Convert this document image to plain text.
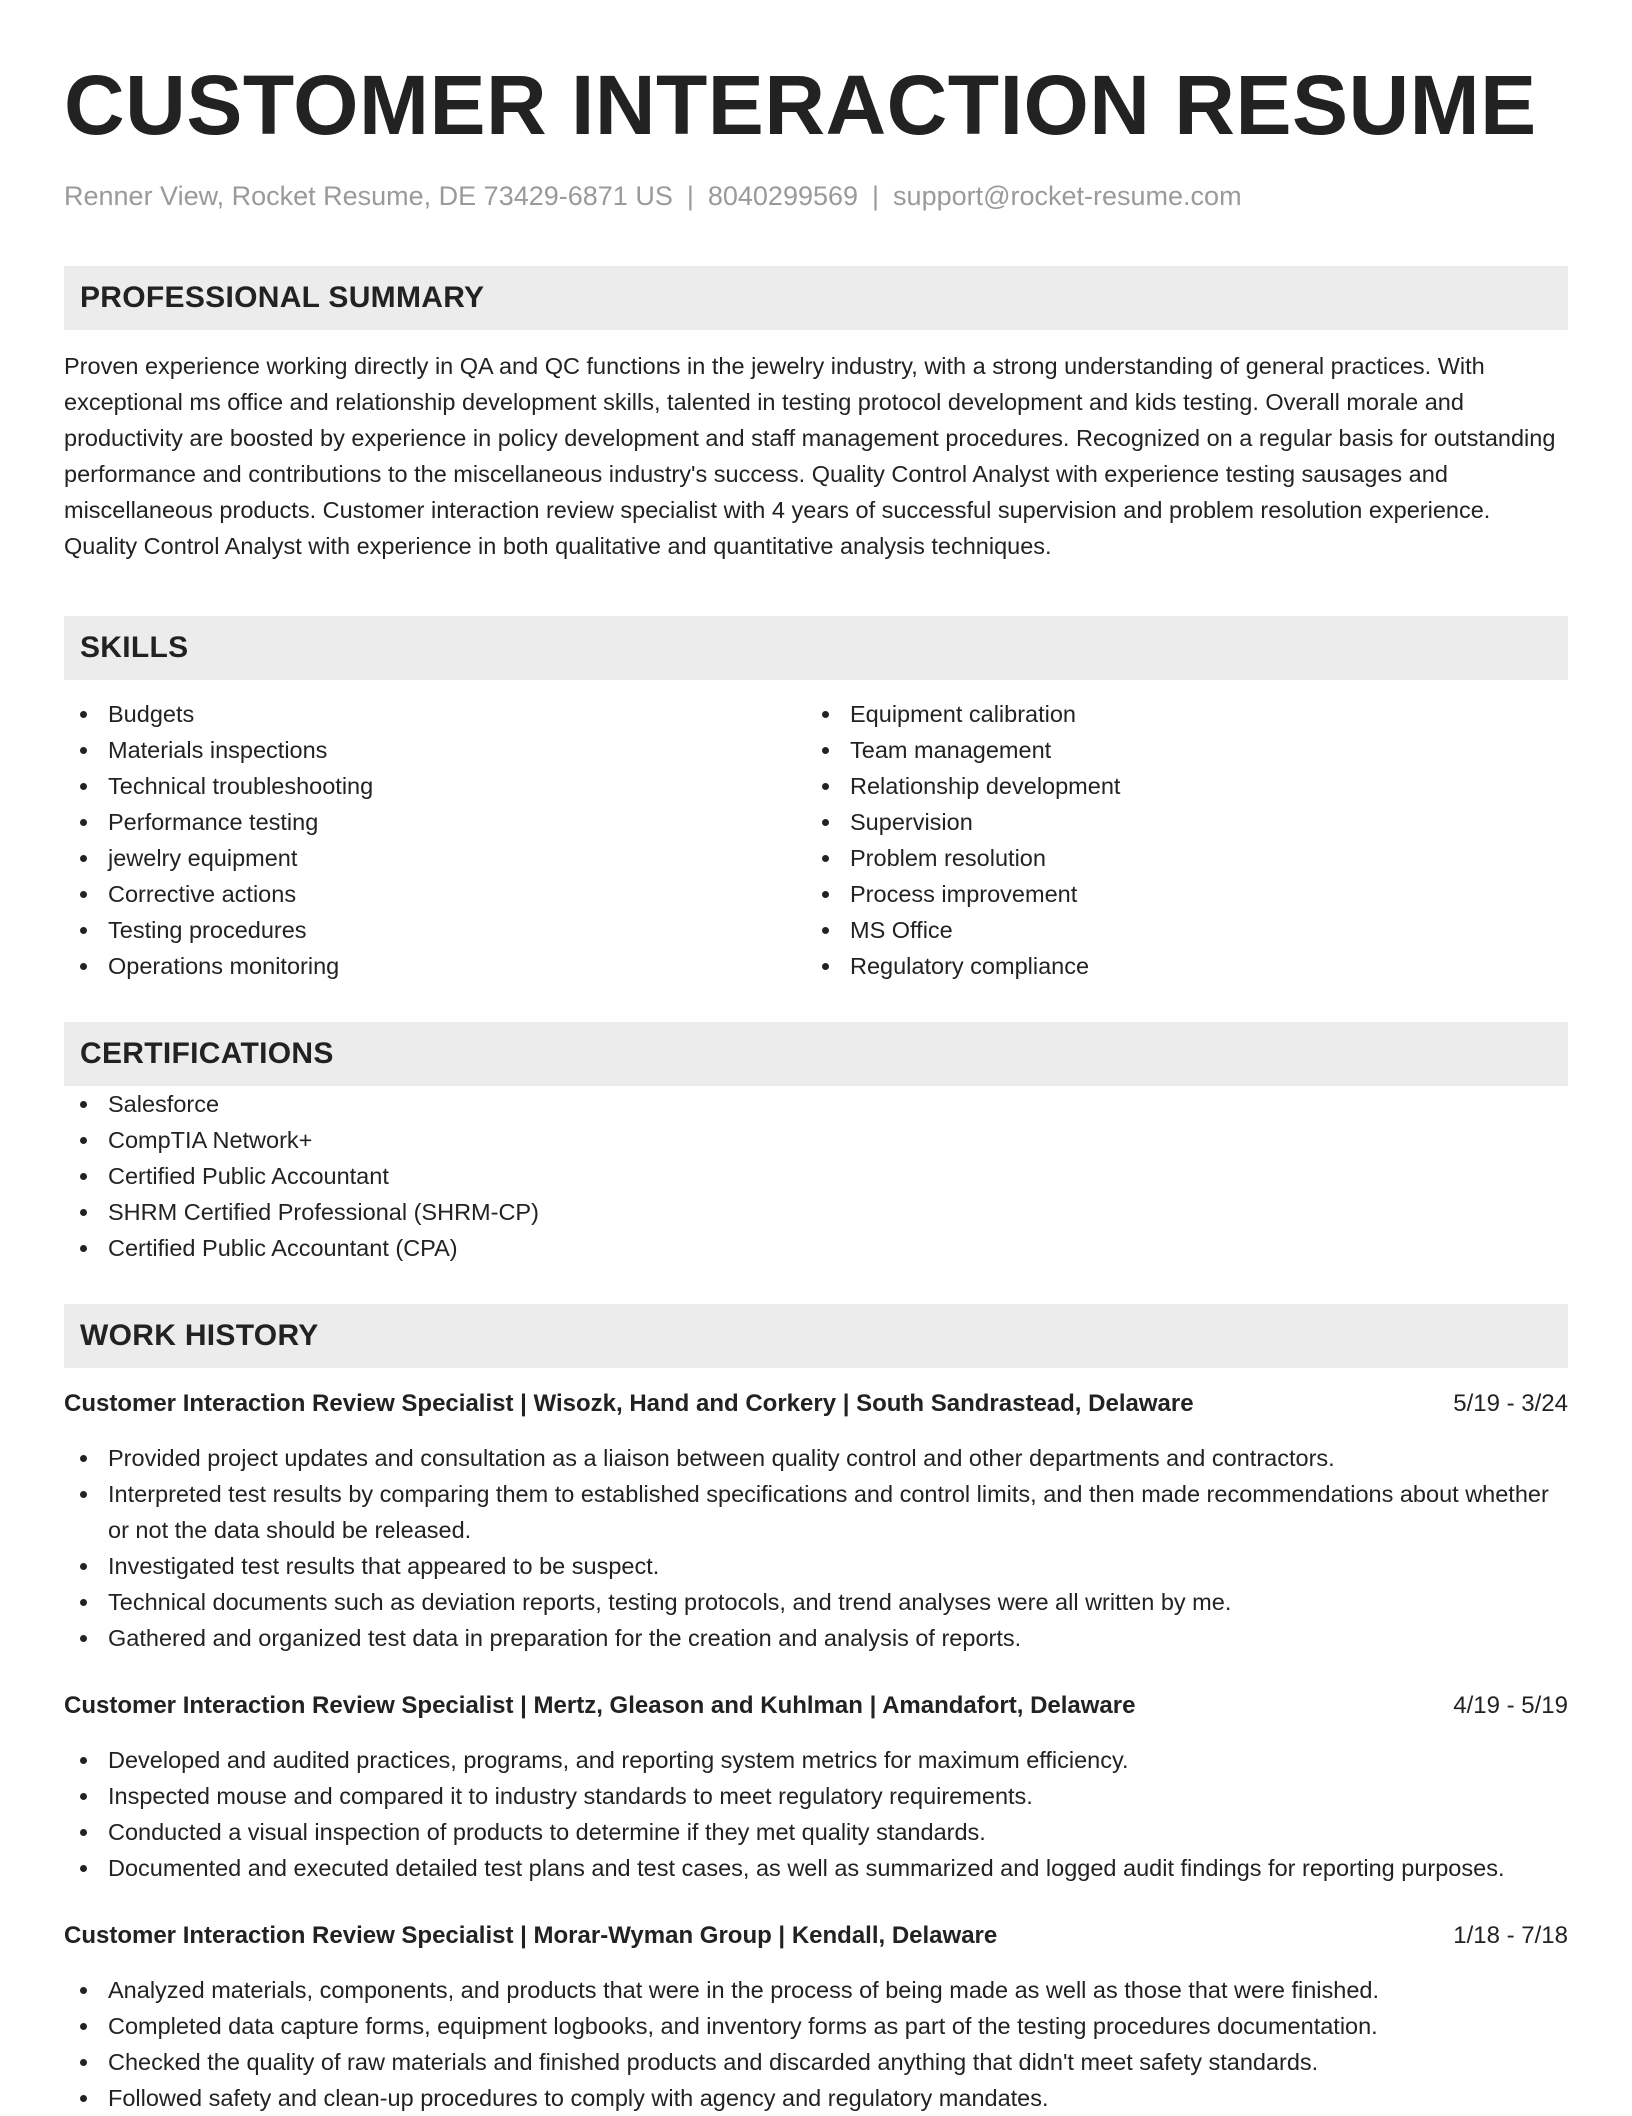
CUSTOMER INTERACTION RESUME
Renner View, Rocket Resume, DE 73429-6871 US | 8040299569 | support@rocket-resume.com
PROFESSIONAL SUMMARY
Proven experience working directly in QA and QC functions in the jewelry industry, with a strong understanding of general practices. With exceptional ms office and relationship development skills, talented in testing protocol development and kids testing. Overall morale and productivity are boosted by experience in policy development and staff management procedures. Recognized on a regular basis for outstanding performance and contributions to the miscellaneous industry's success. Quality Control Analyst with experience testing sausages and miscellaneous products. Customer interaction review specialist with 4 years of successful supervision and problem resolution experience. Quality Control Analyst with experience in both qualitative and quantitative analysis techniques.
SKILLS
Budgets
Materials inspections
Technical troubleshooting
Performance testing
jewelry equipment
Corrective actions
Testing procedures
Operations monitoring
Equipment calibration
Team management
Relationship development
Supervision
Problem resolution
Process improvement
MS Office
Regulatory compliance
CERTIFICATIONS
Salesforce
CompTIA Network+
Certified Public Accountant
SHRM Certified Professional (SHRM-CP)
Certified Public Accountant (CPA)
WORK HISTORY
Customer Interaction Review Specialist | Wisozk, Hand and Corkery | South Sandrastead, Delaware	5/19 - 3/24
Provided project updates and consultation as a liaison between quality control and other departments and contractors.
Interpreted test results by comparing them to established specifications and control limits, and then made recommendations about whether or not the data should be released.
Investigated test results that appeared to be suspect.
Technical documents such as deviation reports, testing protocols, and trend analyses were all written by me.
Gathered and organized test data in preparation for the creation and analysis of reports.
Customer Interaction Review Specialist | Mertz, Gleason and Kuhlman | Amandafort, Delaware	4/19 - 5/19
Developed and audited practices, programs, and reporting system metrics for maximum efficiency.
Inspected mouse and compared it to industry standards to meet regulatory requirements.
Conducted a visual inspection of products to determine if they met quality standards.
Documented and executed detailed test plans and test cases, as well as summarized and logged audit findings for reporting purposes.
Customer Interaction Review Specialist | Morar-Wyman Group | Kendall, Delaware	1/18 - 7/18
Analyzed materials, components, and products that were in the process of being made as well as those that were finished.
Completed data capture forms, equipment logbooks, and inventory forms as part of the testing procedures documentation.
Checked the quality of raw materials and finished products and discarded anything that didn't meet safety standards.
Followed safety and clean-up procedures to comply with agency and regulatory mandates.
